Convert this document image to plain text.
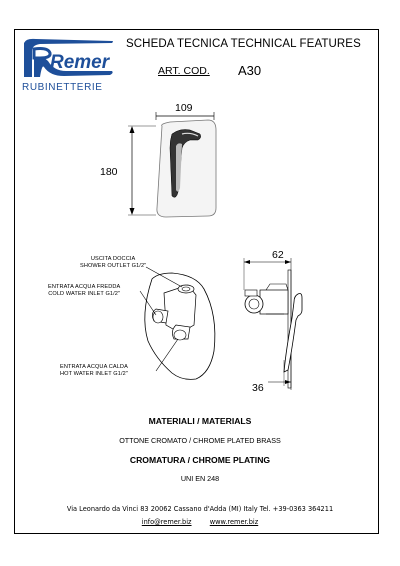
Remer
RUBINETTERIE
SCHEDA TECNICA TECHNICAL FEATURES
ART. COD. A30
109
180
62
36
USCITA DOCCIA
SHOWER OUTLET G1/2"
ENTRATA ACQUA FREDDA
COLD WATER INLET G1/2"
ENTRATA ACQUA CALDA
HOT WATER INLET G1/2"
MATERIALI / MATERIALS
OTTONE CROMATO / CHROME PLATED BRASS
CROMATURA / CHROME PLATING
UNI EN 248
Via Leonardo da Vinci 83 20062 Cassano d'Adda (MI) Italy Tel. +39-0363 364211
info@remer.biz	www.remer.biz
